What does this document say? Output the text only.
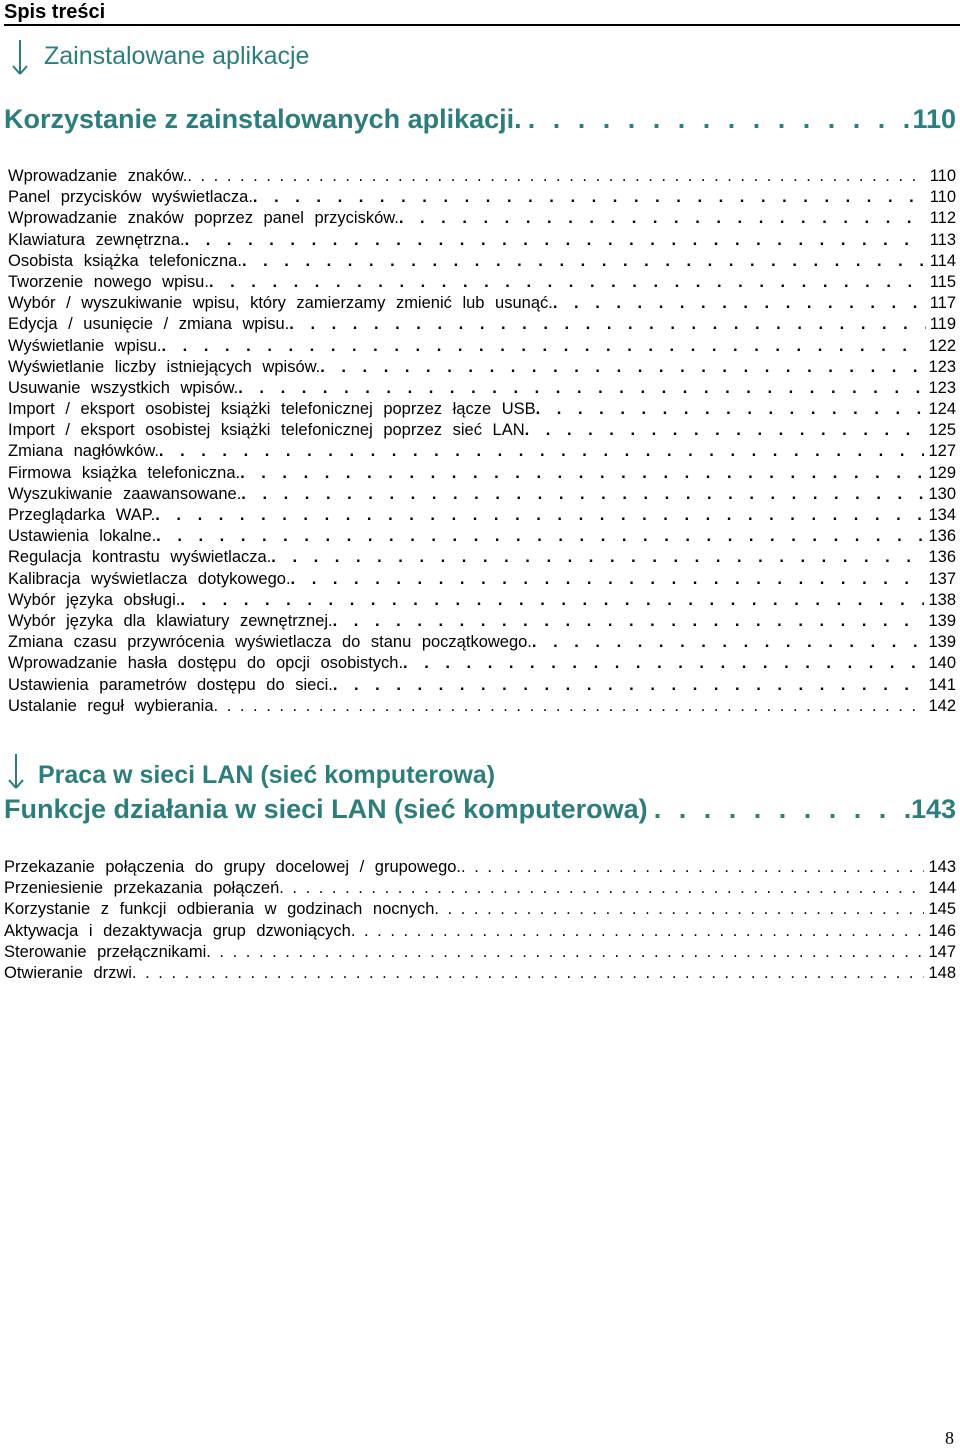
Spis treści
Zainstalowane aplikacje
Korzystanie z zainstalowanych aplikacji. . . .	110
Wprowadzanie znaków. . . .	110
Panel przycisków wyświetlacza. . . .	110
Wprowadzanie znaków poprzez panel przycisków. . . .	112
Klawiatura zewnętrzna. . . .	113
Osobista książka telefoniczna. . . .	114
Tworzenie nowego wpisu. . . .	115
Wybór / wyszukiwanie wpisu, który zamierzamy zmienić lub usunąć. . . .	117
Edycja / usunięcie / zmiana wpisu. . . .	119
Wyświetlanie wpisu. . . .	122
Wyświetlanie liczby istniejących wpisów. . . .	123
Usuwanie wszystkich wpisów. . . .	123
Import / eksport osobistej książki telefonicznej poprzez łącze USB . . .	124
Import / eksport osobistej książki telefonicznej poprzez sieć LAN . . .	125
Zmiana nagłówków. . . .	127
Firmowa książka telefoniczna. . . .	129
Wyszukiwanie zaawansowane. . . .	130
Przeglądarka WAP. . . .	134
Ustawienia lokalne. . . .	136
Regulacja kontrastu wyświetlacza. . . .	136
Kalibracja wyświetlacza dotykowego. . . .	137
Wybór języka obsługi. . . .	138
Wybór języka dla klawiatury zewnętrznej. . . .	139
Zmiana czasu przywrócenia wyświetlacza do stanu początkowego. . . .	139
Wprowadzanie hasła dostępu do opcji osobistych. . . .	140
Ustawienia parametrów dostępu do sieci. . . .	141
Ustalanie reguł wybierania . . .	142
Praca w sieci LAN (sieć komputerowa)
Funkcje działania w sieci LAN (sieć komputerowa) . . .	143
Przekazanie połączenia do grupy docelowej / grupowego. . . .	143
Przeniesienie przekazania połączeń . . .	144
Korzystanie z funkcji odbierania w godzinach nocnych . . .	145
Aktywacja i dezaktywacja grup dzwoniących . . .	146
Sterowanie przełącznikami . . .	147
Otwieranie drzwi . . .	148
8
